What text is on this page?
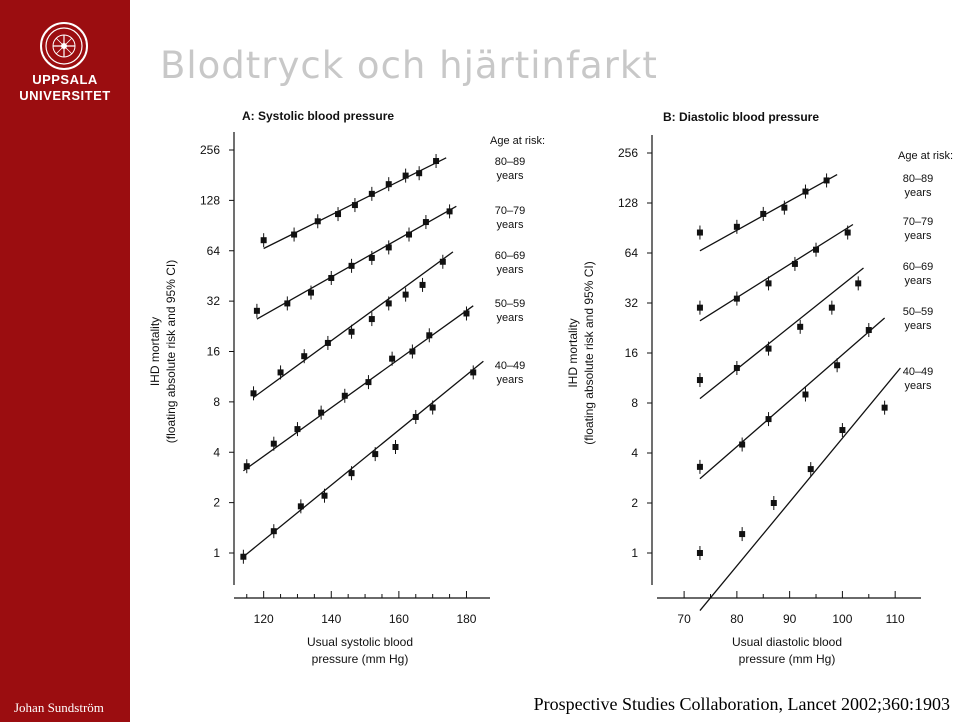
UPPSALA
UNIVERSITET
Johan Sundström
Blodtryck och hjärtinfarkt
A: Systolic blood pressure
1
2
4
8
16
32
64
128
256
120	140	160	180
Usual systolic blood
pressure (mm Hg)
IHD mortality (floating absolute risk and 95% CI)
Age at risk:
80–89
years
70–79
years
60–69
years
50–59
years
40–49
years
B: Diastolic blood pressure
1
2
4
8
16
32
64
128
256
70	80	90	100	110
Usual diastolic blood
pressure (mm Hg)
IHD mortality (floating absolute risk and 95% CI)
Age at risk:
80–89
years
70–79
years
60–69
years
50–59
years
40–49
years
Prospective Studies Collaboration, Lancet 2002;360:1903
